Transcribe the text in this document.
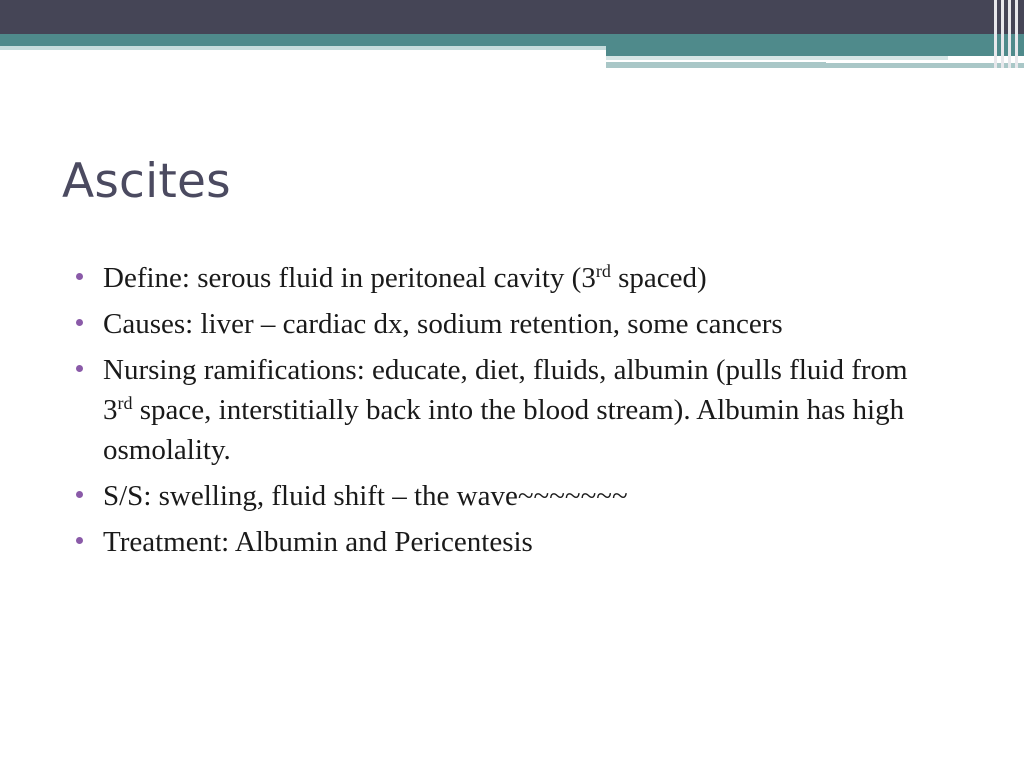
Ascites
Define: serous fluid in peritoneal cavity (3rd spaced)
Causes: liver – cardiac dx, sodium retention, some cancers
Nursing ramifications: educate, diet, fluids, albumin (pulls fluid from 3rd space, interstitially back into the blood stream). Albumin has high osmolality.
S/S: swelling, fluid shift – the wave~~~~~~~
Treatment: Albumin and Pericentesis
